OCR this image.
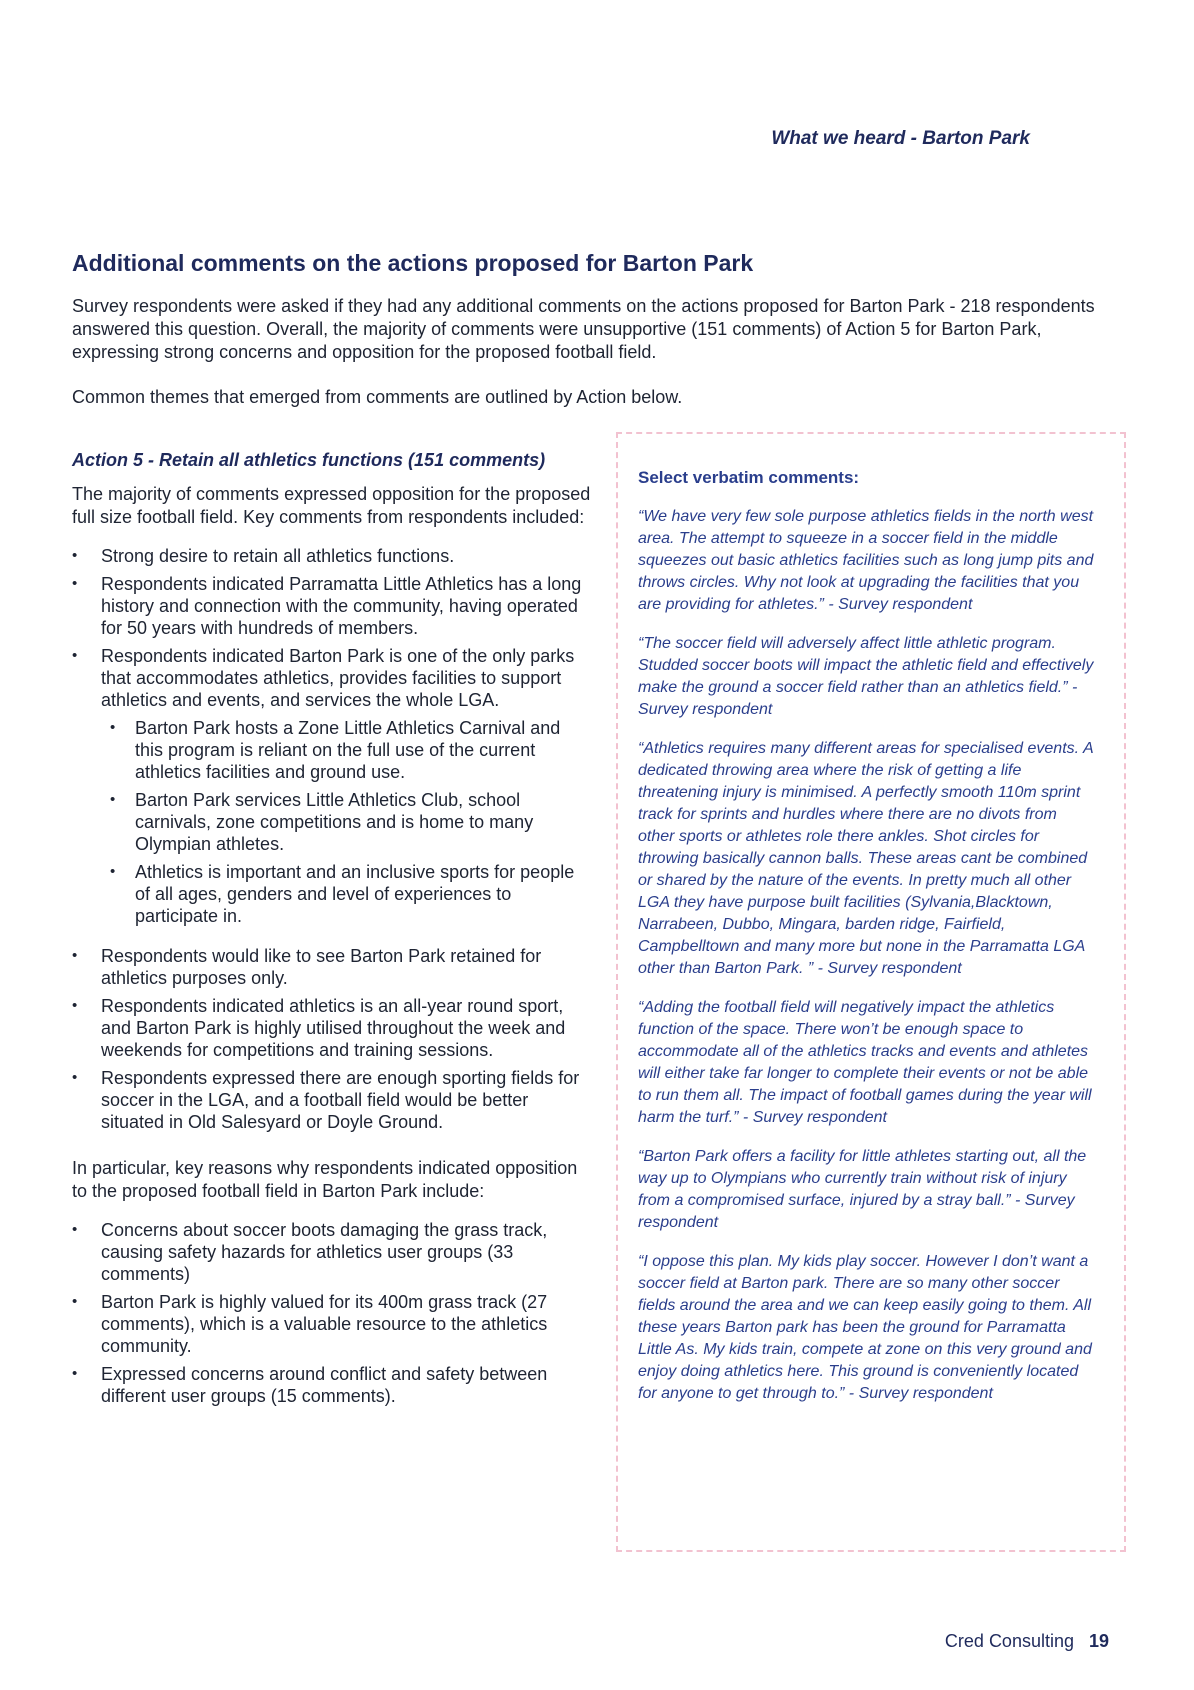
What we heard - Barton Park
Additional comments on the actions proposed for Barton Park

Survey respondents were asked if they had any additional comments on the actions proposed for Barton Park - 218 respondents answered this question. Overall, the majority of comments were unsupportive (151 comments) of Action 5 for Barton Park, expressing strong concerns and opposition for the proposed football field.

Common themes that emerged from comments are outlined by Action below.

Action 5 - Retain all athletics functions (151 comments)

The majority of comments expressed opposition for the proposed full size football field. Key comments from respondents included:

• Strong desire to retain all athletics functions.
• Respondents indicated Parramatta Little Athletics has a long history and connection with the community, having operated for 50 years with hundreds of members.
• Respondents indicated Barton Park is one of the only parks that accommodates athletics, provides facilities to support athletics and events, and services the whole LGA.
• Barton Park hosts a Zone Little Athletics Carnival and this program is reliant on the full use of the current athletics facilities and ground use.
• Barton Park services Little Athletics Club, school carnivals, zone competitions and is home to many Olympian athletes.
• Athletics is important and an inclusive sports for people of all ages, genders and level of experiences to participate in.
• Respondents would like to see Barton Park retained for athletics purposes only.
• Respondents indicated athletics is an all-year round sport, and Barton Park is highly utilised throughout the week and weekends for competitions and training sessions.
• Respondents expressed there are enough sporting fields for soccer in the LGA, and a football field would be better situated in Old Salesyard or Doyle Ground.

In particular, key reasons why respondents indicated opposition to the proposed football field in Barton Park include:

• Concerns about soccer boots damaging the grass track, causing safety hazards for athletics user groups (33 comments)
• Barton Park is highly valued for its 400m grass track (27 comments), which is a valuable resource to the athletics community.
• Expressed concerns around conflict and safety between different user groups (15 comments).
Select verbatim comments:

“We have very few sole purpose athletics fields in the north west area. The attempt to squeeze in a soccer field in the middle squeezes out basic athletics facilities such as long jump pits and throws circles. Why not look at upgrading the facilities that you are providing for athletes.” - Survey respondent

“The soccer field will adversely affect little athletic program. Studded soccer boots will impact the athletic field and effectively make the ground a soccer field rather than an athletics field.” - Survey respondent

“Athletics requires many different areas for specialised events. A dedicated throwing area where the risk of getting a life threatening injury is minimised. A perfectly smooth 110m sprint track for sprints and hurdles where there are no divots from other sports or athletes role there ankles. Shot circles for throwing basically cannon balls. These areas cant be combined or shared by the nature of the events. In pretty much all other LGA they have purpose built facilities (Sylvania,Blacktown, Narrabeen, Dubbo, Mingara, barden ridge, Fairfield, Campbelltown and many more but none in the Parramatta LGA other than Barton Park. ” - Survey respondent

“Adding the football field will negatively impact the athletics function of the space. There won’t be enough space to accommodate all of the athletics tracks and events and athletes will either take far longer to complete their events or not be able to run them all. The impact of football games during the year will harm the turf.” - Survey respondent

“Barton Park offers a facility for little athletes starting out, all the way up to Olympians who currently train without risk of injury from a compromised surface, injured by a stray ball.” - Survey respondent

“I oppose this plan. My kids play soccer. However I don’t want a soccer field at Barton park. There are so many other soccer fields around the area and we can keep easily going to them. All these years Barton park has been the ground for Parramatta Little As. My kids train, compete at zone on this very ground and enjoy doing athletics here. This ground is conveniently located for anyone to get through to.” - Survey respondent

Cred Consulting 19
